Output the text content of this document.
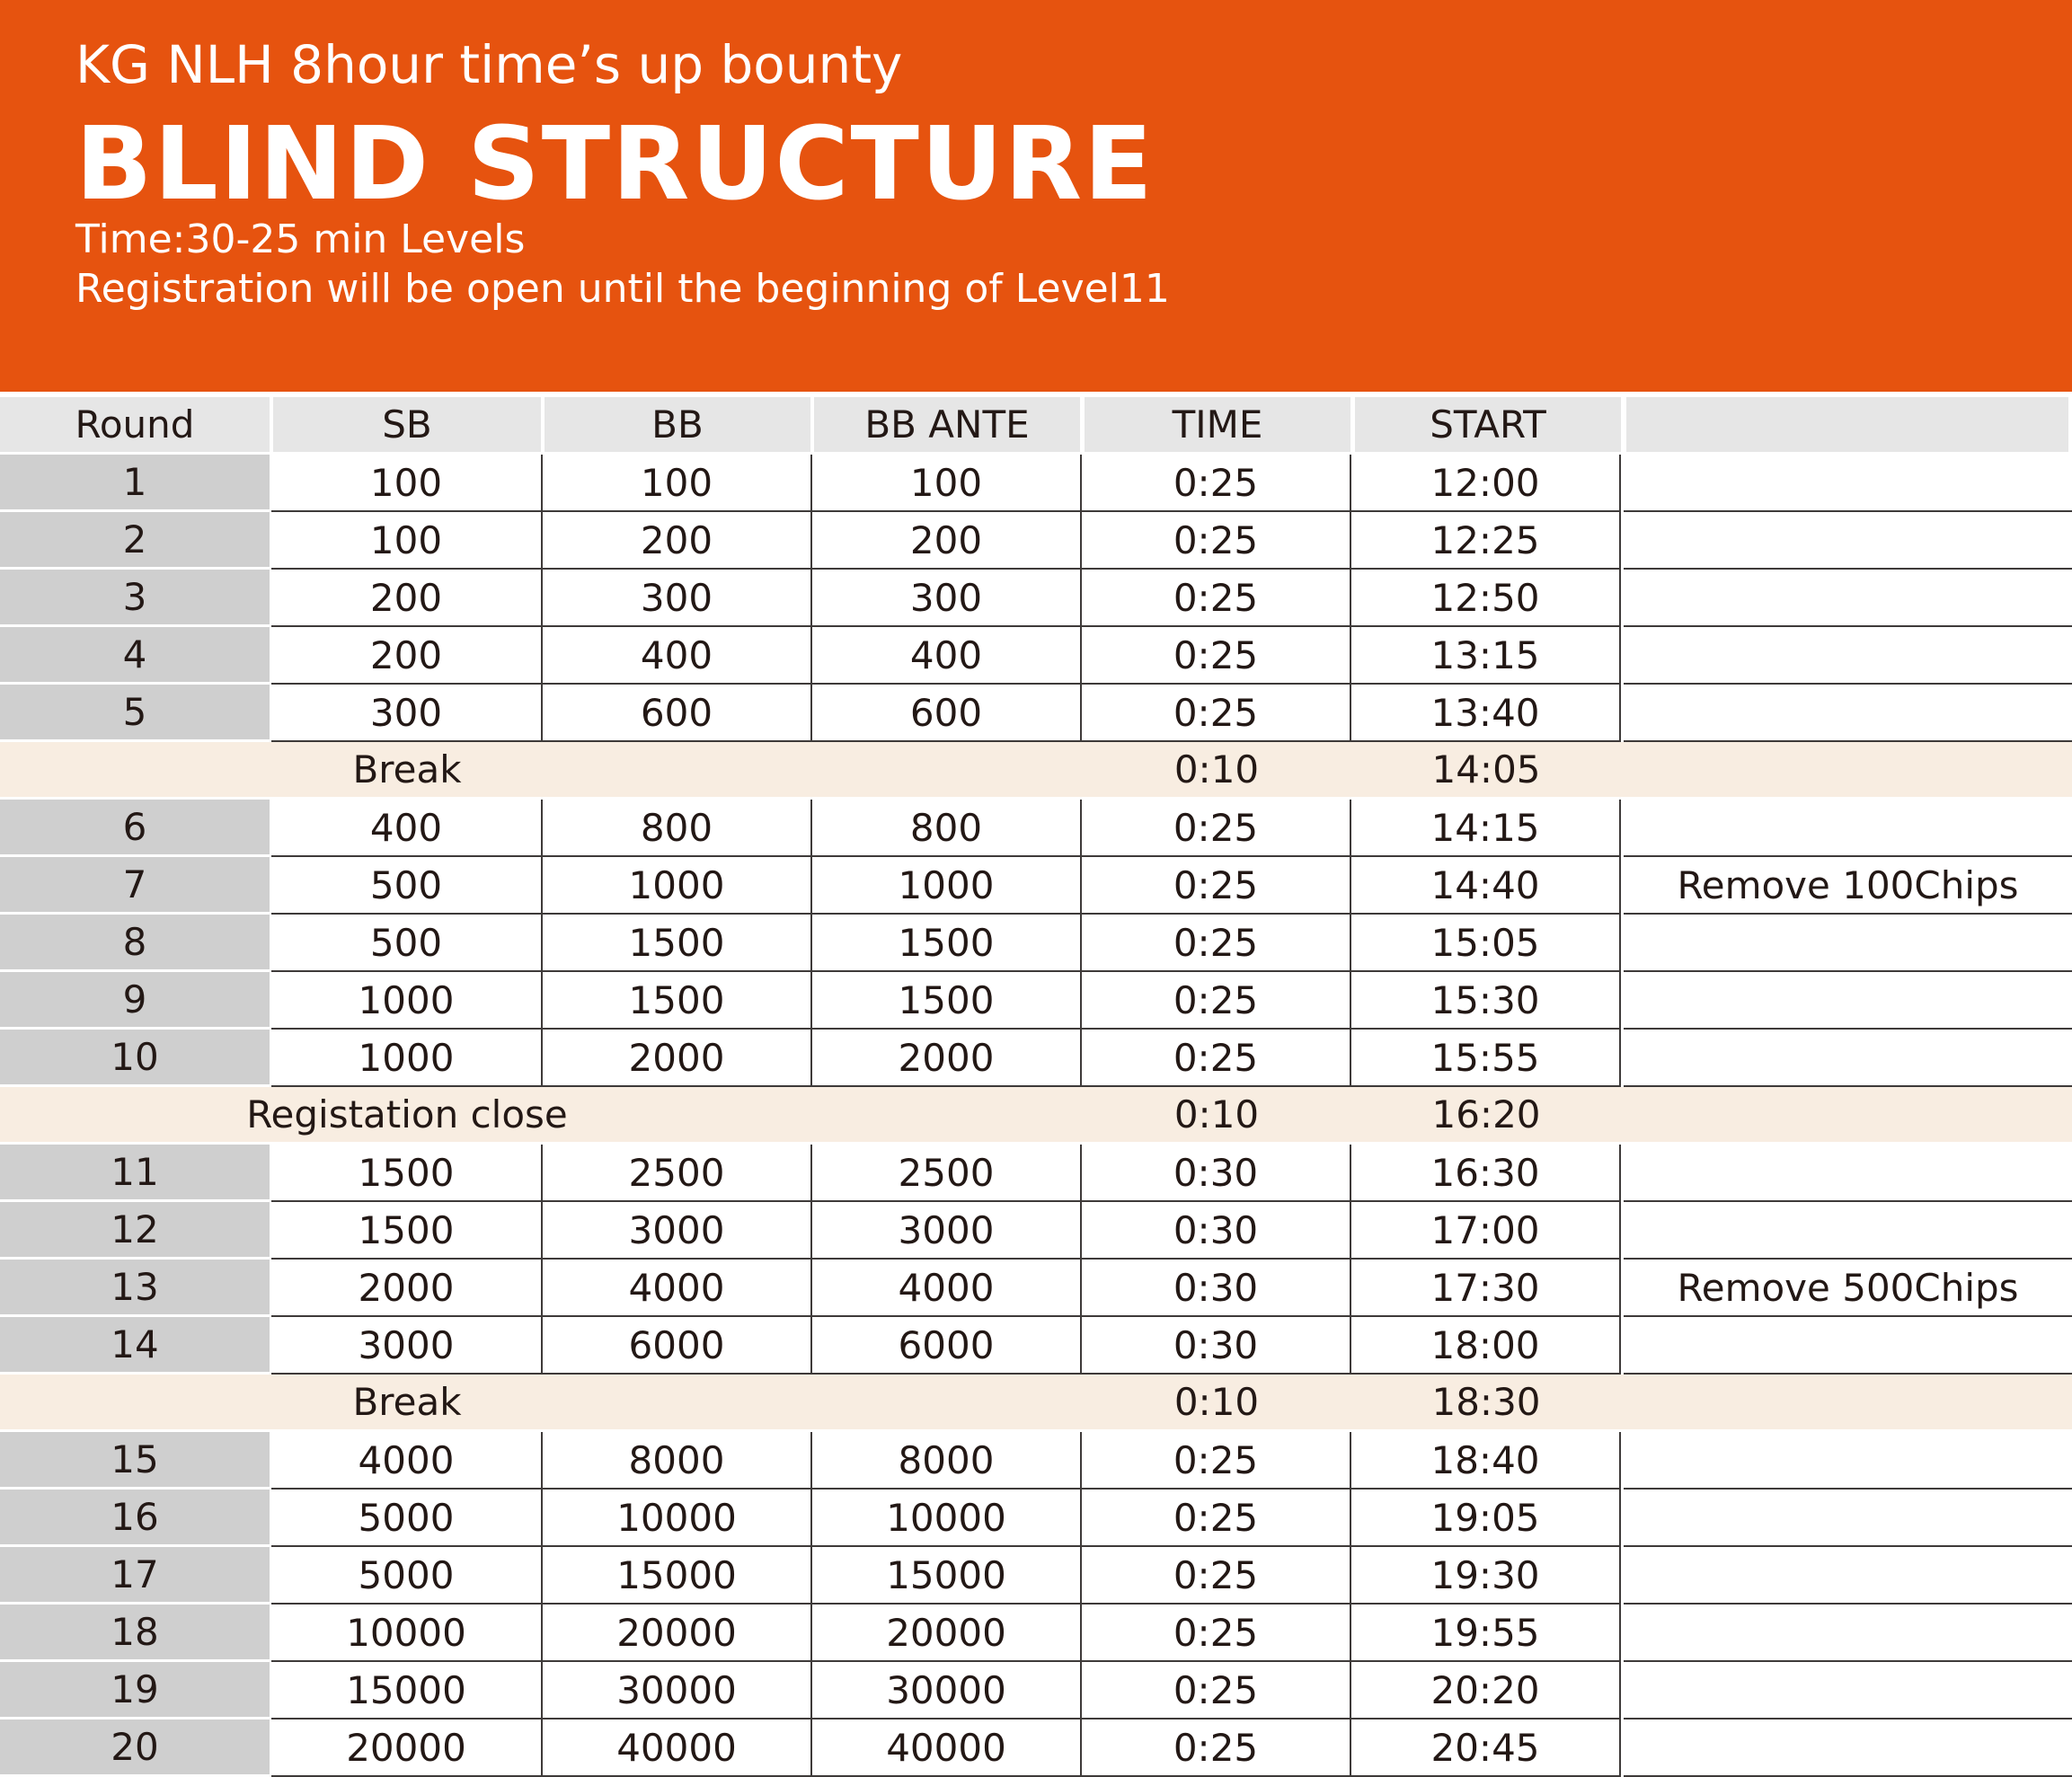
KG NLH 8hour time’s up bounty
BLIND STRUCTURE
Time:30-25 min Levels
Registration will be open until the beginning of Level11
Round	SB	BB	BB ANTE	TIME	START
1	100	100	100	0:25	12:00
2	100	200	200	0:25	12:25
3	200	300	300	0:25	12:50
4	200	400	400	0:25	13:15
5	300	600	600	0:25	13:40
Break	0:10	14:05
6	400	800	800	0:25	14:15
7	500	1000	1000	0:25	14:40	Remove 100Chips
8	500	1500	1500	0:25	15:05
9	1000	1500	1500	0:25	15:30
10	1000	2000	2000	0:25	15:55
Registation close	0:10	16:20
11	1500	2500	2500	0:30	16:30
12	1500	3000	3000	0:30	17:00
13	2000	4000	4000	0:30	17:30	Remove 500Chips
14	3000	6000	6000	0:30	18:00
Break	0:10	18:30
15	4000	8000	8000	0:25	18:40
16	5000	10000	10000	0:25	19:05
17	5000	15000	15000	0:25	19:30
18	10000	20000	20000	0:25	19:55
19	15000	30000	30000	0:25	20:20
20	20000	40000	40000	0:25	20:45
